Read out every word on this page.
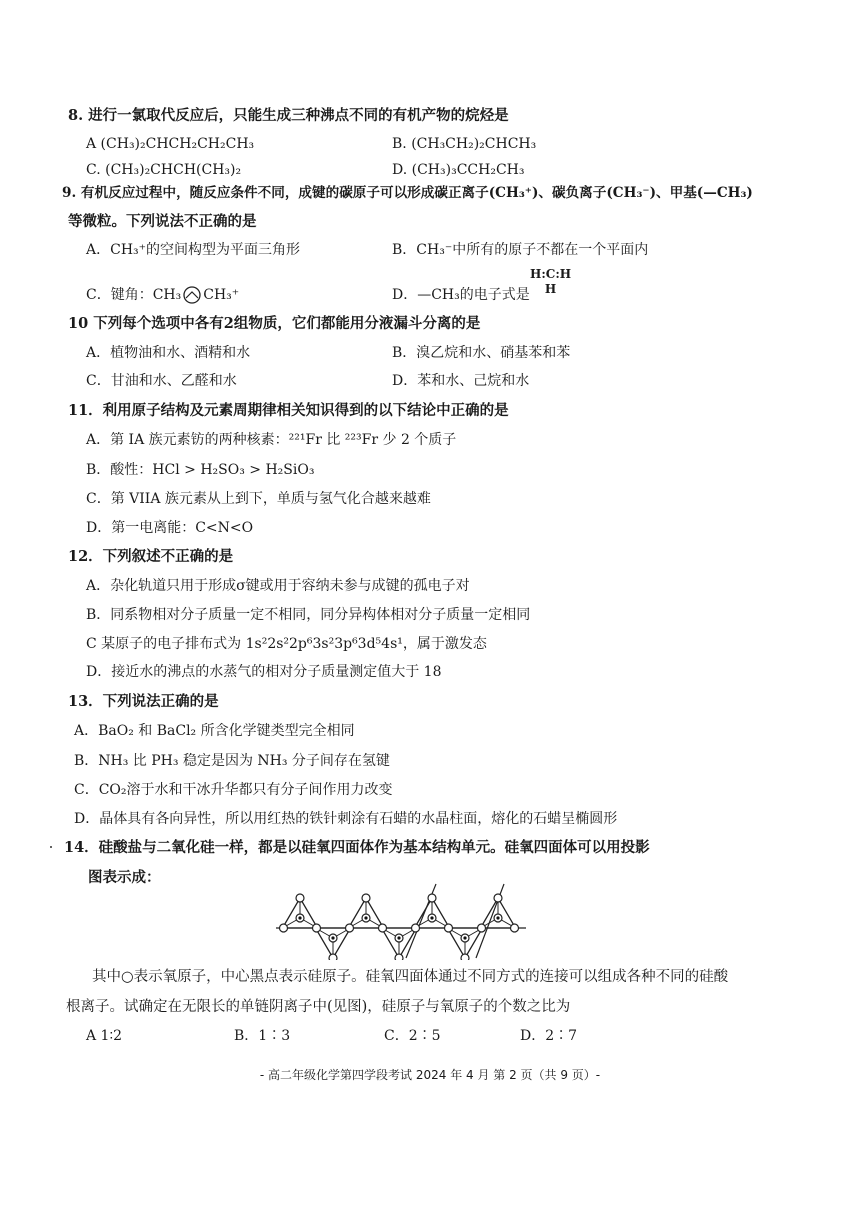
8. 进行一氯取代反应后，只能生成三种沸点不同的有机产物的烷烃是
A (CH₃)₂CHCH₂CH₂CH₃	B. (CH₃CH₂)₂CHCH₃
C. (CH₃)₂CHCH(CH₃)₂	D. (CH₃)₃CCH₂CH₃
9. 有机反应过程中，随反应条件不同，成键的碳原子可以形成碳正离子(CH₃⁺)、碳负离子(CH₃⁻)、甲基(—CH₃)
等微粒。下列说法不正确的是
A．CH₃⁺的空间构型为平面三角形	B．CH₃⁻中所有的原子不都在一个平面内
C．键角：CH₃ CH₃⁺	D．—CH₃的电子式是
H:C:H
H
10 下列每个选项中各有2组物质，它们都能用分液漏斗分离的是
A．植物油和水、酒精和水	B．溴乙烷和水、硝基苯和苯
C．甘油和水、乙醛和水	D．苯和水、己烷和水
11．利用原子结构及元素周期律相关知识得到的以下结论中正确的是
A．第 IA 族元素钫的两种核素：²²¹Fr 比 ²²³Fr 少 2 个质子
B．酸性：HCl > H₂SO₃ > H₂SiO₃
C．第 VIIA 族元素从上到下，单质与氢气化合越来越难
D．第一电离能：C<N<O
12．下列叙述不正确的是
A．杂化轨道只用于形成σ键或用于容纳未参与成键的孤电子对
B．同系物相对分子质量一定不相同，同分异构体相对分子质量一定相同
C 某原子的电子排布式为 1s²2s²2p⁶3s²3p⁶3d⁵4s¹，属于激发态
D．接近水的沸点的水蒸气的相对分子质量测定值大于 18
13．下列说法正确的是
A．BaO₂ 和 BaCl₂ 所含化学键类型完全相同
B．NH₃ 比 PH₃ 稳定是因为 NH₃ 分子间存在氢键
C．CO₂溶于水和干冰升华都只有分子间作用力改变
D．晶体具有各向异性，所以用红热的铁针刺涂有石蜡的水晶柱面，熔化的石蜡呈椭圆形
14．硅酸盐与二氧化硅一样，都是以硅氧四面体作为基本结构单元。硅氧四面体可以用投影
图表示成：
其中○表示氧原子，中心黑点表示硅原子。硅氧四面体通过不同方式的连接可以组成各种不同的硅酸
根离子。试确定在无限长的单链阴离子中(见图)，硅原子与氧原子的个数之比为
A 1∶2	B．1∶3	C．2∶5	D．2∶7
- 高二年级化学第四学段考试 2024 年 4 月 第 2 页（共 9 页）-
